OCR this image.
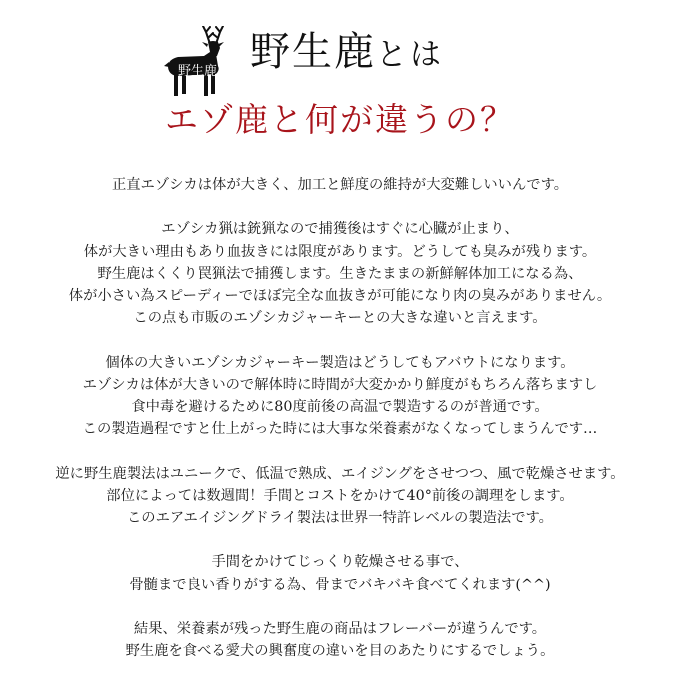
野生鹿 野生鹿とは
エゾ鹿と何が違うの？

正直エゾシカは体が大きく、加工と鮮度の維持が大変難しいいんです。

エゾシカ猟は銃猟なので捕獲後はすぐに心臓が止まり、
体が大きい理由もあり血抜きには限度があります。どうしても臭みが残ります。
野生鹿はくくり罠猟法で捕獲します。生きたままの新鮮解体加工になる為、
体が小さい為スピーディーでほぼ完全な血抜きが可能になり肉の臭みがありません。
この点も市販のエゾシカジャーキーとの大きな違いと言えます。

個体の大きいエゾシカジャーキー製造はどうしてもアバウトになります。
エゾシカは体が大きいので解体時に時間が大変かかり鮮度がもちろん落ちますし
食中毒を避けるために80度前後の高温で製造するのが普通です。
この製造過程ですと仕上がった時には大事な栄養素がなくなってしまうんです…

逆に野生鹿製法はユニークで、低温で熟成、エイジングをさせつつ、風で乾燥させます。
部位によっては数週間！手間とコストをかけて40°前後の調理をします。
このエアエイジングドライ製法は世界一特許レベルの製造法です。

手間をかけてじっくり乾燥させる事で、
骨髄まで良い香りがする為、骨までバキバキ食べてくれます(^^)

結果、栄養素が残った野生鹿の商品はフレーバーが違うんです。
野生鹿を食べる愛犬の興奮度の違いを目のあたりにするでしょう。
